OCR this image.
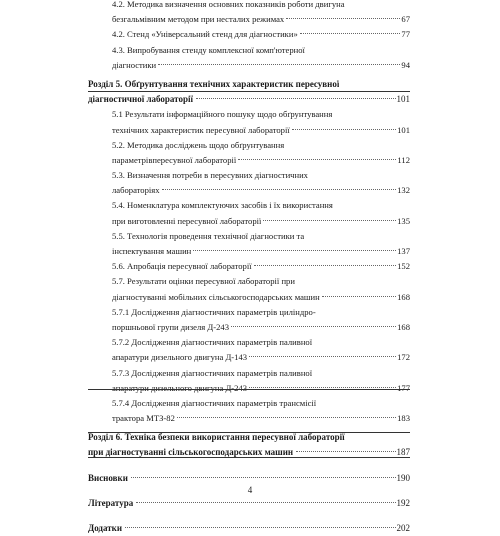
4.2. Методика визначення основних показників роботи двигуна
безгальмівним методом при несталих режимах	67
4.2. Стенд «Універсальний стенд для діагностики»	77
4.3. Випробування стенду комплексної комп'ютерної
діагностики	94
Розділ 5. Обґрунтування технічних характеристик пересувної
діагностичної лабораторії	101
5.1 Результати інформаційного пошуку щодо обґрунтування
технічних характеристик пересувної лабораторії	101
5.2. Методика досліджень щодо обґрунтування
параметрівпересувної лабораторії	112
5.3. Визначення потреби в пересувних діагностичних
лабораторіях	132
5.4. Номенклатура комплектуючих засобів і їх використання
при виготовленні пересувної лабораторії	135
5.5. Технологія проведення технічної діагностики та
інспектування машин	137
5.6. Апробація пересувної лабораторії	152
5.7. Результати оцінки пересувної лабораторії при
діагностуванні мобільних сільськогосподарських машин	168
5.7.1 Дослідження діагностичних параметрів циліндро-
поршньової групи дизеля Д-243	168
5.7.2 Дослідження діагностичних параметрів паливної
апаратури дизельного двигуна Д-143	172
5.7.3 Дослідження діагностичних параметрів паливної
апаратури дизельного двигуна Д-243	177
5.7.4 Дослідження діагностичних параметрів трансмісії
трактора МТЗ-82	183
Розділ 6. Техніка безпеки використання пересувної лабораторії
при діагностуванні сільськогосподарських машин	187
Висновки	190
Література	192
Додатки	202
4
